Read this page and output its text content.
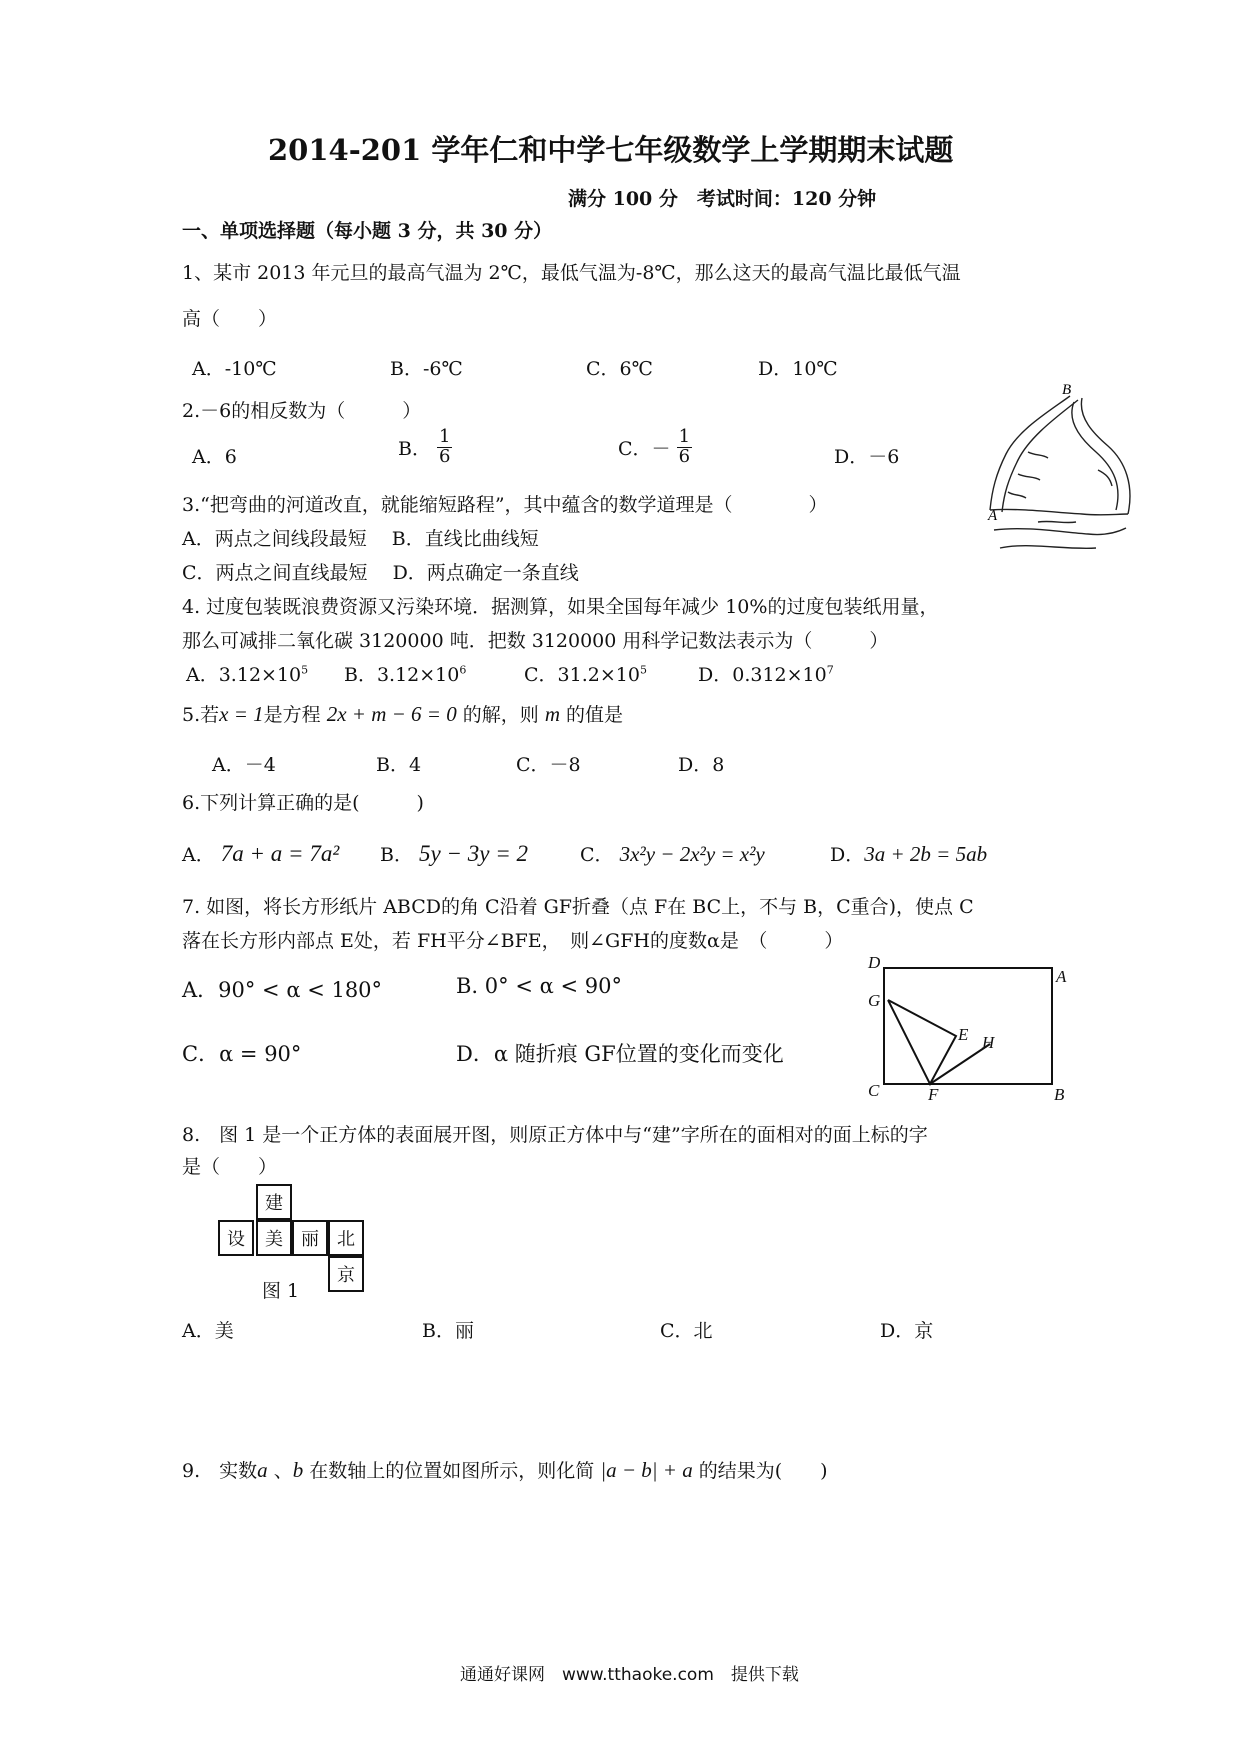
2014-201 学年仁和中学七年级数学上学期期末试题
满分 100 分　考试时间：120 分钟
一、单项选择题（每小题 3 分，共 30 分）
1、某市 2013 年元旦的最高气温为 2℃，最低气温为-8℃，那么这天的最高气温比最低气温
高（　　）
A．-10℃	B．-6℃	C．6℃	D．10℃
2.－6的相反数为（　　　）
A．6	B． $\frac{1}{6}$	C．－ $\frac{1}{6}$	D．－6
B
A
3.“把弯曲的河道改直，就能缩短路程”，其中蕴含的数学道理是（　　　　）
A．两点之间线段最短　 B．直线比曲线短
C．两点之间直线最短　 D．两点确定一条直线
4. 过度包装既浪费资源又污染环境．据测算，如果全国每年减少 10%的过度包装纸用量，
那么可减排二氧化碳 3120000 吨．把数 3120000 用科学记数法表示为（　　　）
A．$3.12\times 10^5$ B．$3.12\times 10^6$	C．$31.2\times 10^5$	D．$0.312\times 10^7$
5.若x = 1是方程 2x + m − 6 = 0 的解，则 m 的值是
A．－4	B．4	C．－8	D．8
6.下列计算正确的是(　　　)
A． 7a + a = 7a² B． 5y − 3y = 2	C． 3x²y − 2x²y = x²y	D．3a + 2b = 5ab
7. 如图，将长方形纸片 ABCD的角 C沿着 GF折叠（点 F在 BC上，不与 B，C重合)，使点 C
落在长方形内部点 E处，若 FH平分∠BFE，　则∠GFH的度数α是　（　　　）
A．90° < α < 180°	B. 0° < α < 90°
C．α = 90°	D．α 随折痕 GF位置的变化而变化
D
A
G
E H
C	F	B
8.　图 1 是一个正方体的表面展开图，则原正方体中与“建”字所在的面相对的面上标的字
是（　　）
建
设	美	丽	北
京
图 1
A．美	B．丽	C．北	D．京
9.　实数a 、b 在数轴上的位置如图所示，则化简 |a − b| + a 的结果为(　　)
通通好课网　www.tthaoke.com　提供下载
